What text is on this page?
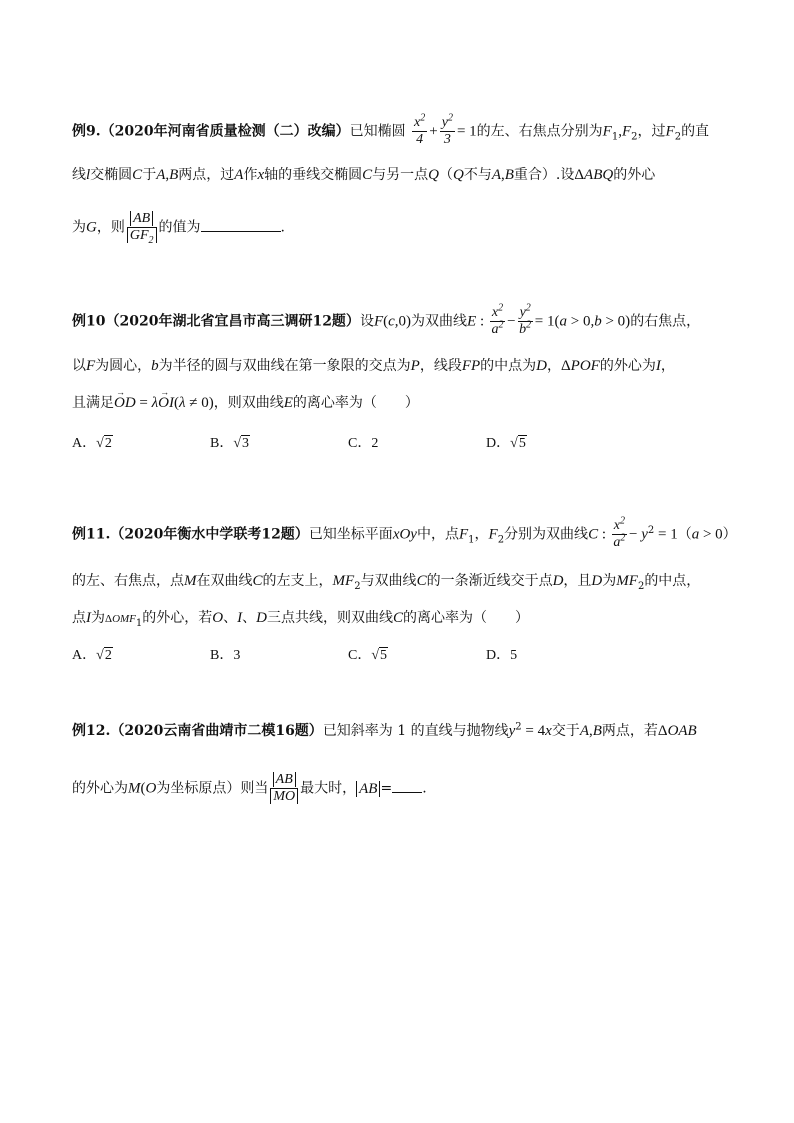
例9.（2020年河南省质量检测（二）改编）已知椭圆 $\frac{x^2}{4} + \frac{y^2}{3} = 1$的左、右焦点分别为$F_1,F_2$，过$F_2$的直
线l交椭圆C于A,B两点，过A作x轴的垂线交椭圆C与另一点Q（Q不与A,B重合）.设ΔABQ的外心
为G，则 $\frac{AB}{GF_2}$ 的值为	.
例10（2020年湖北省宜昌市高三调研12题）设F(c,0)为双曲线E : $\frac{x^2}{a^2} - \frac{y^2}{b^2} = 1(a > 0,b > 0)$的右焦点，
以F为圆心，b为半径的圆与双曲线在第一象限的交点为P，线段FP的中点为D，ΔPOF的外心为I，
且满足→ OD = λ→ OI(λ ≠ 0)，则双曲线E的离心率为（　　）
A．√2	B．√3	C．2	D．√5
例11.（2020年衡水中学联考12题）已知坐标平面xOy中，点$F_1$，$F_2$分别为双曲线C : $\frac{x^2}{a^2} - y^2 = 1(a > 0)$
的左、右焦点，点M在双曲线C的左支上，$MF_2$与双曲线C的一条渐近线交于点D，且D为$MF_2$的中点，
点I为$\Delta OMF_1$的外心，若O、I、D三点共线，则双曲线C的离心率为（　　）
A．√2	B．3	C．√5	D．5
例12.（2020云南省曲靖市二模16题）已知斜率为 1 的直线与抛物线$y^2 = 4x$交于A,B两点，若ΔOAB
的外心为M(O为坐标原点）则当 $\frac{AB}{MO}$ 最大时， AB = .
